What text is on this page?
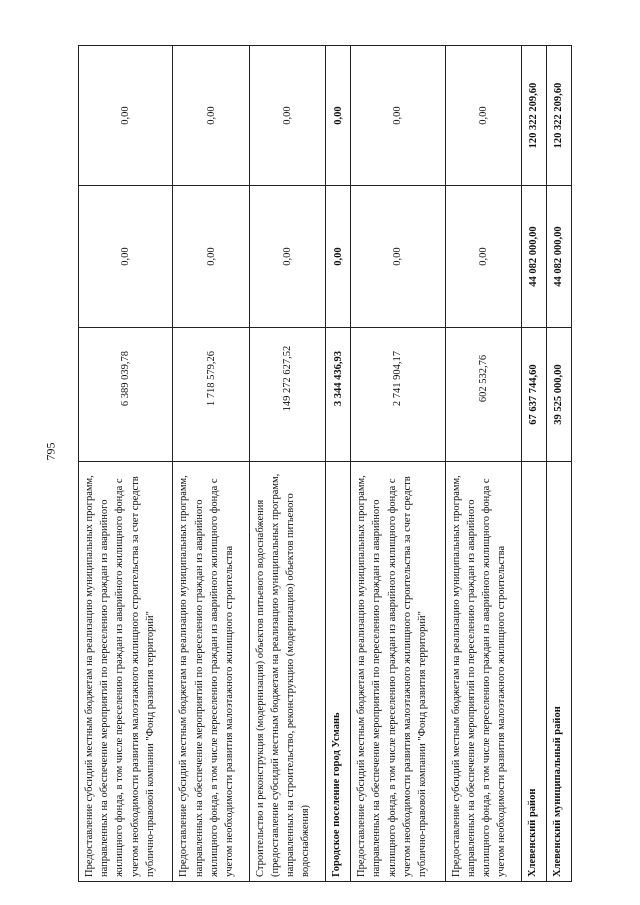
795
Предоставление субсидий местным бюджетам на реализацию муниципальных программ, направленных на обеспечение мероприятий по переселению граждан из аварийного жилищного фонда, в том числе переселению граждан из аварийного жилищного фонда с учетом необходимости развития малоэтажного жилищного строительства за счет средств публично-правовой компании "Фонд развития территорий"	6 389 039,78	0,00	0,00
Предоставление субсидий местным бюджетам на реализацию муниципальных программ, направленных на обеспечение мероприятий по переселению граждан из аварийного жилищного фонда, в том числе переселению граждан из аварийного жилищного фонда с учетом необходимости развития малоэтажного жилищного строительства	1 718 579,26	0,00	0,00
Строительство и реконструкция (модернизация) объектов питьевого водоснабжения (предоставление субсидий местным бюджетам на реализацию муниципальных программ, направленных на строительство, реконструкцию (модернизацию) объектов питьевого водоснабжения)	149 272 627,52	0,00	0,00
Городское поселение город Усмань	3 344 436,93	0,00	0,00
Предоставление субсидий местным бюджетам на реализацию муниципальных программ, направленных на обеспечение мероприятий по переселению граждан из аварийного жилищного фонда, в том числе переселению граждан из аварийного жилищного фонда с учетом необходимости развития малоэтажного жилищного строительства за счет средств публично-правовой компании "Фонд развития территорий"	2 741 904,17	0,00	0,00
Предоставление субсидий местным бюджетам на реализацию муниципальных программ, направленных на обеспечение мероприятий по переселению граждан из аварийного жилищного фонда, в том числе переселению граждан из аварийного жилищного фонда с учетом необходимости развития малоэтажного жилищного строительства	602 532,76	0,00	0,00
Хлевенский район	67 637 744,60	44 082 000,00	120 322 209,60
Хлевенский муниципальный район	39 525 000,00	44 082 000,00	120 322 209,60
